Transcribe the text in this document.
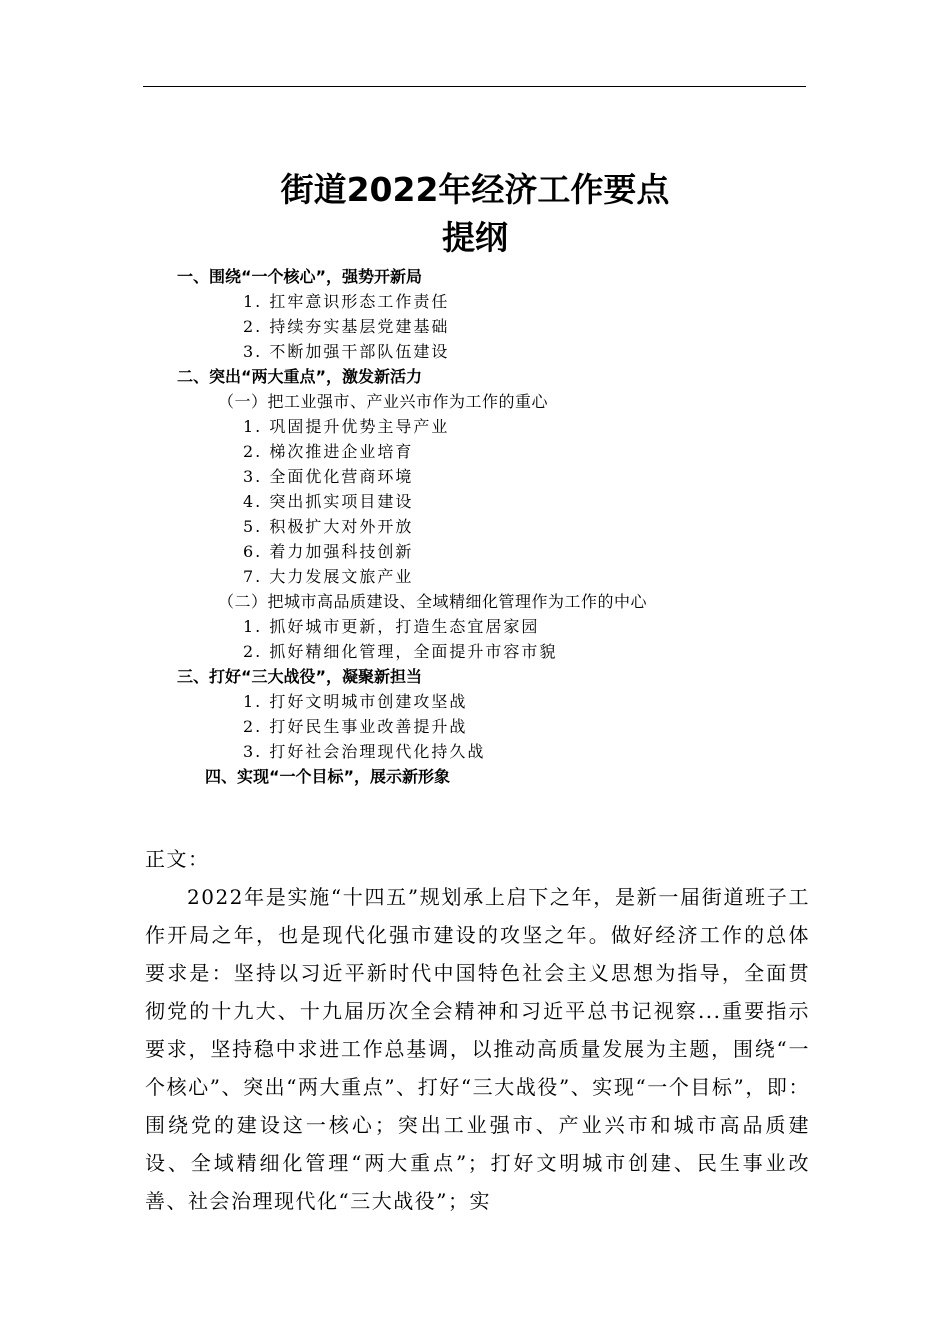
街道2022年经济工作要点
提纲
一、围绕“一个核心”，强势开新局
1. 扛牢意识形态工作责任
2. 持续夯实基层党建基础
3. 不断加强干部队伍建设
二、突出“两大重点”，激发新活力
（一）把工业强市、产业兴市作为工作的重心
1. 巩固提升优势主导产业
2. 梯次推进企业培育
3. 全面优化营商环境
4. 突出抓实项目建设
5. 积极扩大对外开放
6. 着力加强科技创新
7. 大力发展文旅产业
（二）把城市高品质建设、全域精细化管理作为工作的中心
1. 抓好城市更新，打造生态宜居家园
2. 抓好精细化管理，全面提升市容市貌
三、打好“三大战役”，凝聚新担当
1. 打好文明城市创建攻坚战
2. 打好民生事业改善提升战
3. 打好社会治理现代化持久战
四、实现“一个目标”，展示新形象

正文：

2022年是实施“十四五”规划承上启下之年，是新一届街道班子工作开局之年，也是现代化强市建设的攻坚之年。做好经济工作的总体要求是：坚持以习近平新时代中国特色社会主义思想为指导，全面贯彻党的十九大、十九届历次全会精神和习近平总书记视察...重要指示要求，坚持稳中求进工作总基调，以推动高质量发展为主题，围绕“一个核心”、突出“两大重点”、打好“三大战役”、实现“一个目标”，即：围绕党的建设这一核心；突出工业强市、产业兴市和城市高品质建设、全域精细化管理“两大重点”；打好文明城市创建、民生事业改善、社会治理现代化“三大战役”；实
